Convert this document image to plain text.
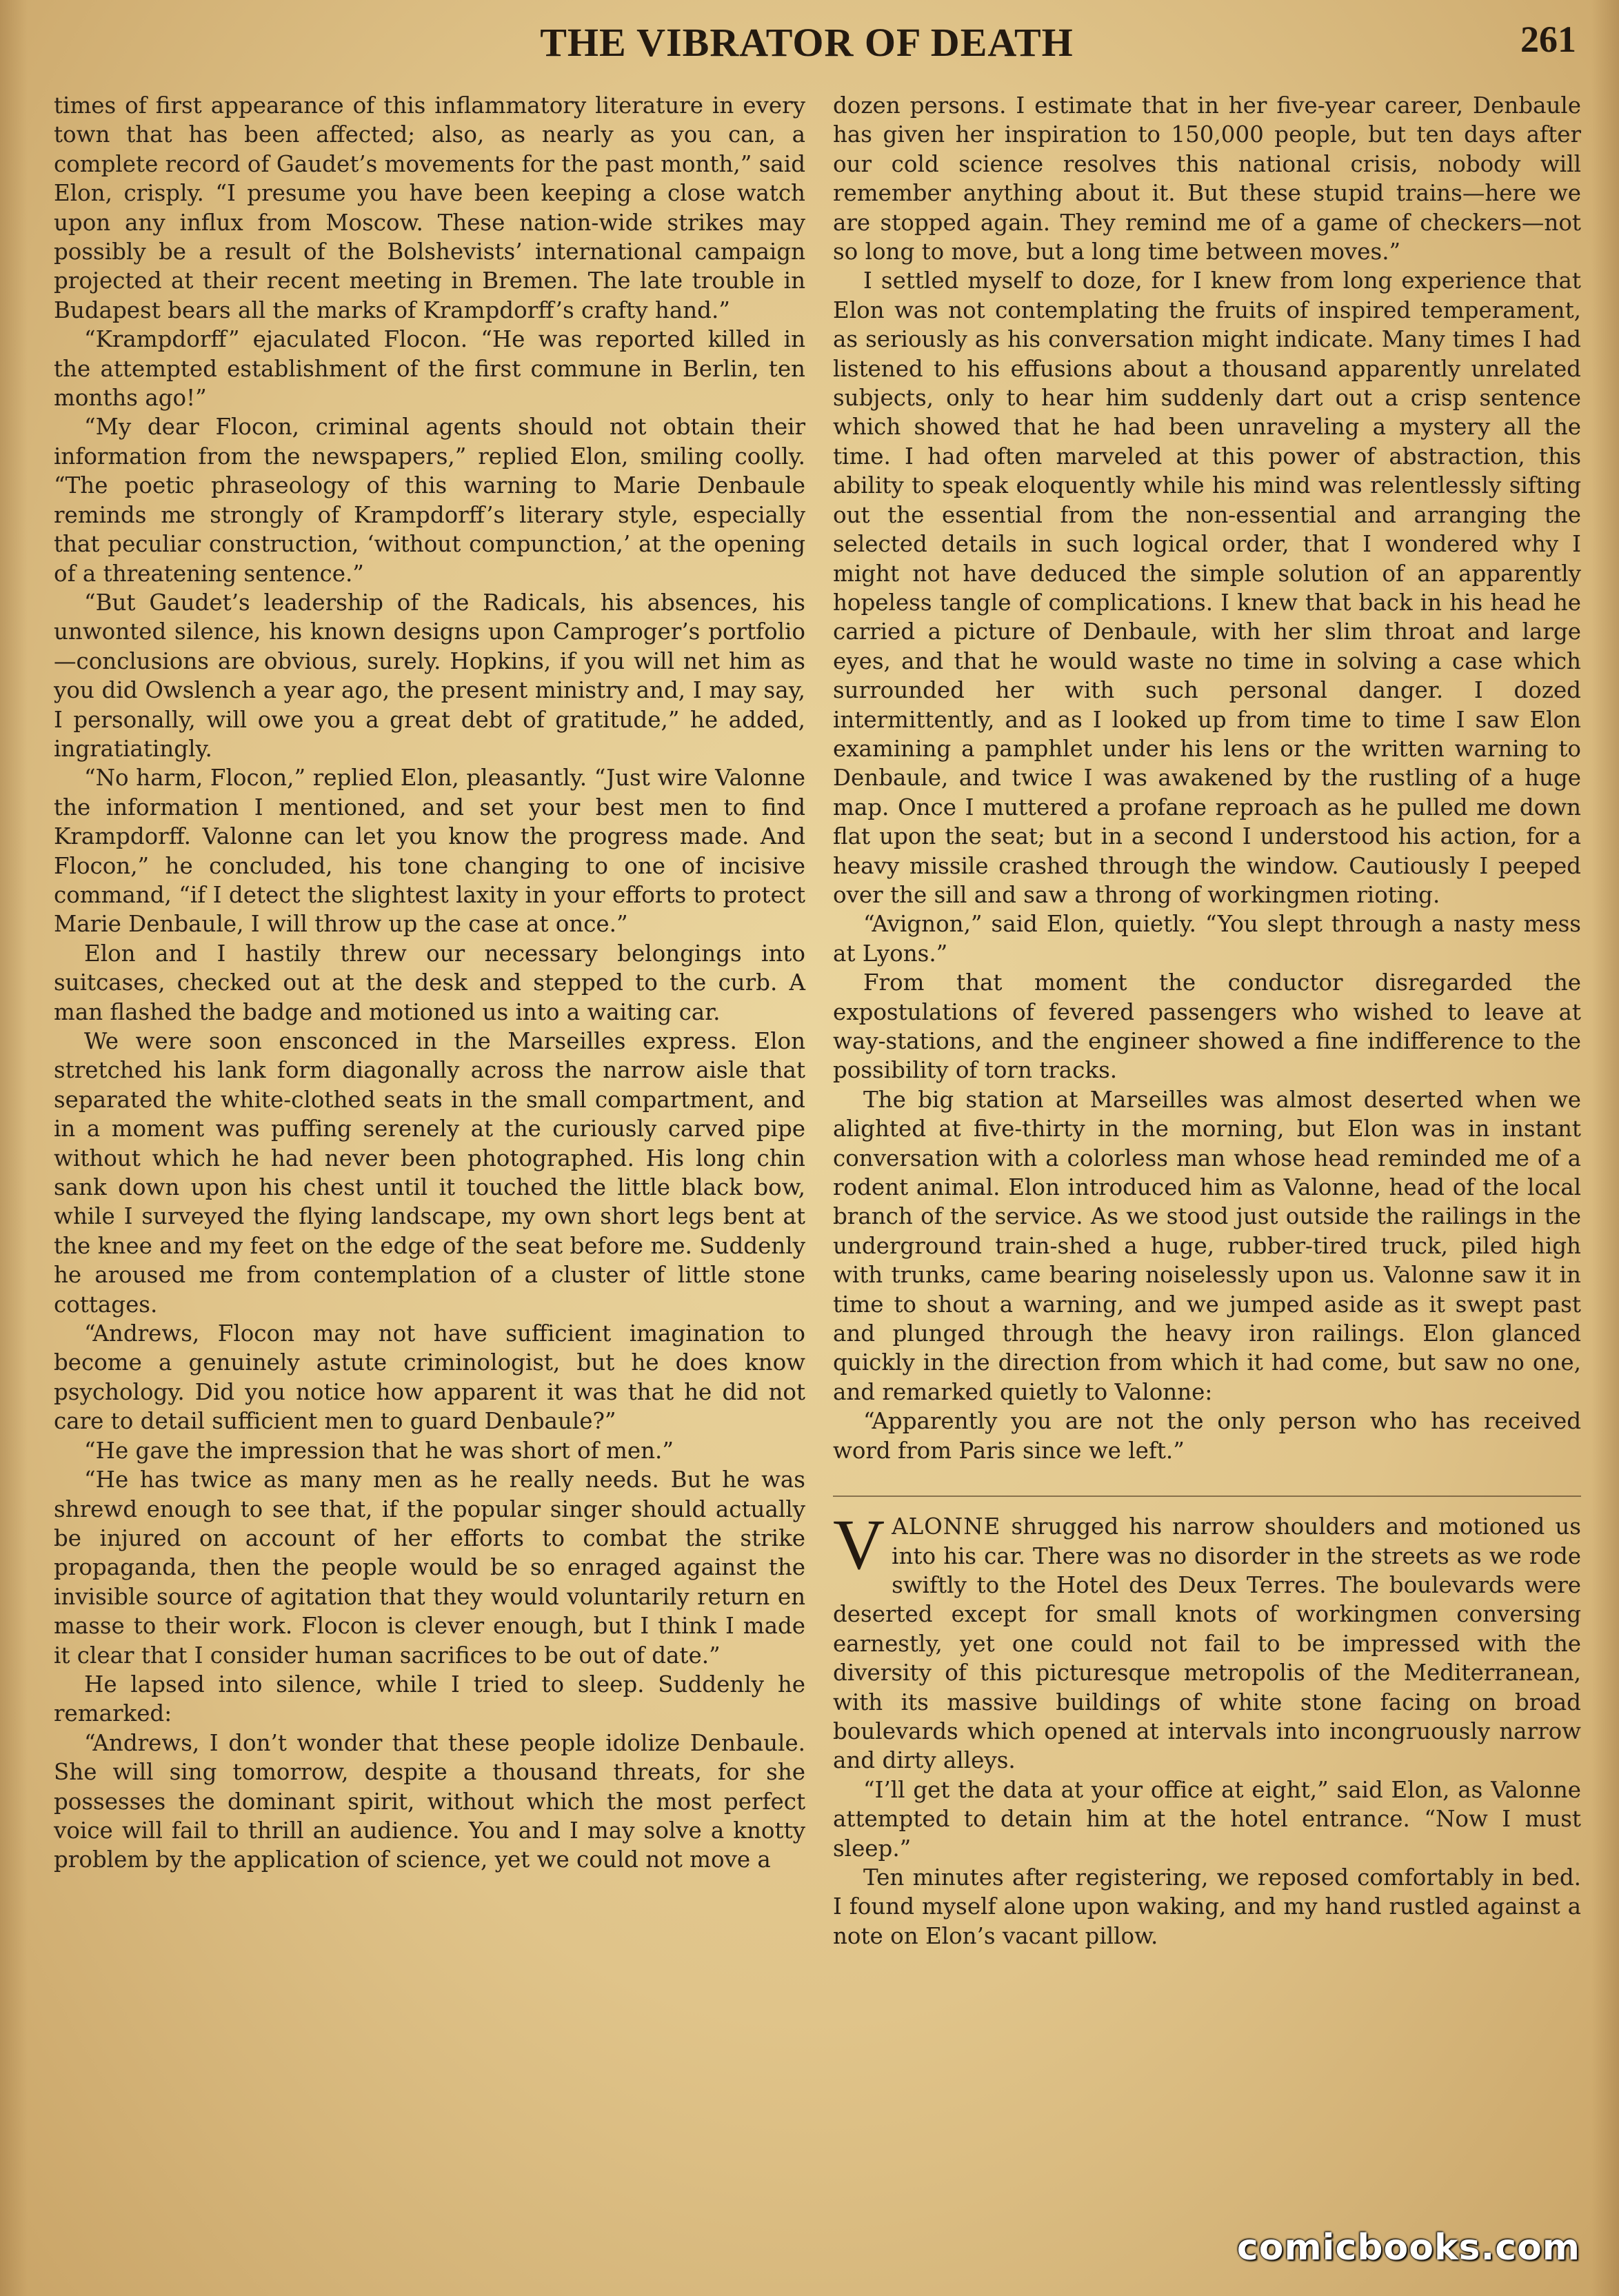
THE VIBRATOR OF DEATH	261

times of first appearance of this inflammatory literature in every town that has been affected; also, as nearly as you can, a complete record of Gaudet’s movements for the past month,” said Elon, crisply. “I presume you have been keeping a close watch upon any influx from Moscow. These nation-wide strikes may possibly be a result of the Bolshevists’ international campaign projected at their recent meeting in Bremen. The late trouble in Budapest bears all the marks of Krampdorff’s crafty hand.”

“Krampdorff” ejaculated Flocon. “He was reported killed in the attempted establishment of the first commune in Berlin, ten months ago!”

“My dear Flocon, criminal agents should not obtain their information from the newspapers,” replied Elon, smiling coolly. “The poetic phraseology of this warning to Marie Denbaule reminds me strongly of Krampdorff’s literary style, especially that peculiar construction, ‘without compunction,’ at the opening of a threatening sentence.”

“But Gaudet’s leadership of the Radicals, his absences, his unwonted silence, his known designs upon Camproger’s portfolio—conclusions are obvious, surely. Hopkins, if you will net him as you did Owslench a year ago, the present ministry and, I may say, I personally, will owe you a great debt of gratitude,” he added, ingratiatingly.

“No harm, Flocon,” replied Elon, pleasantly. “Just wire Valonne the information I mentioned, and set your best men to find Krampdorff. Valonne can let you know the progress made. And Flocon,” he concluded, his tone changing to one of incisive command, “if I detect the slightest laxity in your efforts to protect Marie Denbaule, I will throw up the case at once.”

Elon and I hastily threw our necessary belongings into suitcases, checked out at the desk and stepped to the curb. A man flashed the badge and motioned us into a waiting car.

We were soon ensconced in the Marseilles express. Elon stretched his lank form diagonally across the narrow aisle that separated the white-clothed seats in the small compartment, and in a moment was puffing serenely at the curiously carved pipe without which he had never been photographed. His long chin sank down upon his chest until it touched the little black bow, while I surveyed the flying landscape, my own short legs bent at the knee and my feet on the edge of the seat before me. Suddenly he aroused me from contemplation of a cluster of little stone cottages.

“Andrews, Flocon may not have sufficient imagination to become a genuinely astute criminologist, but he does know psychology. Did you notice how apparent it was that he did not care to detail sufficient men to guard Denbaule?”

“He gave the impression that he was short of men.”

“He has twice as many men as he really needs. But he was shrewd enough to see that, if the popular singer should actually be injured on account of her efforts to combat the strike propaganda, then the people would be so enraged against the invisible source of agitation that they would voluntarily return en masse to their work. Flocon is clever enough, but I think I made it clear that I consider human sacrifices to be out of date.”

He lapsed into silence, while I tried to sleep. Suddenly he remarked:

“Andrews, I don’t wonder that these people idolize Denbaule. She will sing tomorrow, despite a thousand threats, for she possesses the dominant spirit, without which the most perfect voice will fail to thrill an audience. You and I may solve a knotty problem by the application of science, yet we could not move a

dozen persons. I estimate that in her five-year career, Denbaule has given her inspiration to 150,000 people, but ten days after our cold science resolves this national crisis, nobody will remember anything about it. But these stupid trains—here we are stopped again. They remind me of a game of checkers—not so long to move, but a long time between moves.”

I settled myself to doze, for I knew from long experience that Elon was not contemplating the fruits of inspired temperament, as seriously as his conversation might indicate. Many times I had listened to his effusions about a thousand apparently unrelated subjects, only to hear him suddenly dart out a crisp sentence which showed that he had been unraveling a mystery all the time. I had often marveled at this power of abstraction, this ability to speak eloquently while his mind was relentlessly sifting out the essential from the non-essential and arranging the selected details in such logical order, that I wondered why I might not have deduced the simple solution of an apparently hopeless tangle of complications. I knew that back in his head he carried a picture of Denbaule, with her slim throat and large eyes, and that he would waste no time in solving a case which surrounded her with such personal danger. I dozed intermittently, and as I looked up from time to time I saw Elon examining a pamphlet under his lens or the written warning to Denbaule, and twice I was awakened by the rustling of a huge map. Once I muttered a profane reproach as he pulled me down flat upon the seat; but in a second I understood his action, for a heavy missile crashed through the window. Cautiously I peeped over the sill and saw a throng of workingmen rioting.

“Avignon,” said Elon, quietly. “You slept through a nasty mess at Lyons.”

From that moment the conductor disregarded the expostulations of fevered passengers who wished to leave at way-stations, and the engineer showed a fine indifference to the possibility of torn tracks.

The big station at Marseilles was almost deserted when we alighted at five-thirty in the morning, but Elon was in instant conversation with a colorless man whose head reminded me of a rodent animal. Elon introduced him as Valonne, head of the local branch of the service. As we stood just outside the railings in the underground train-shed a huge, rubber-tired truck, piled high with trunks, came bearing noiselessly upon us. Valonne saw it in time to shout a warning, and we jumped aside as it swept past and plunged through the heavy iron railings. Elon glanced quickly in the direction from which it had come, but saw no one, and remarked quietly to Valonne:

“Apparently you are not the only person who has received word from Paris since we left.”

VALONNE shrugged his narrow shoulders and motioned us into his car. There was no disorder in the streets as we rode swiftly to the Hotel des Deux Terres. The boulevards were deserted except for small knots of workingmen conversing earnestly, yet one could not fail to be impressed with the diversity of this picturesque metropolis of the Mediterranean, with its massive buildings of white stone facing on broad boulevards which opened at intervals into incongruously narrow and dirty alleys.

“I’ll get the data at your office at eight,” said Elon, as Valonne attempted to detain him at the hotel entrance. “Now I must sleep.”

Ten minutes after registering, we reposed comfortably in bed. I found myself alone upon waking, and my hand rustled against a note on Elon’s vacant pillow.

comicbooks.com
